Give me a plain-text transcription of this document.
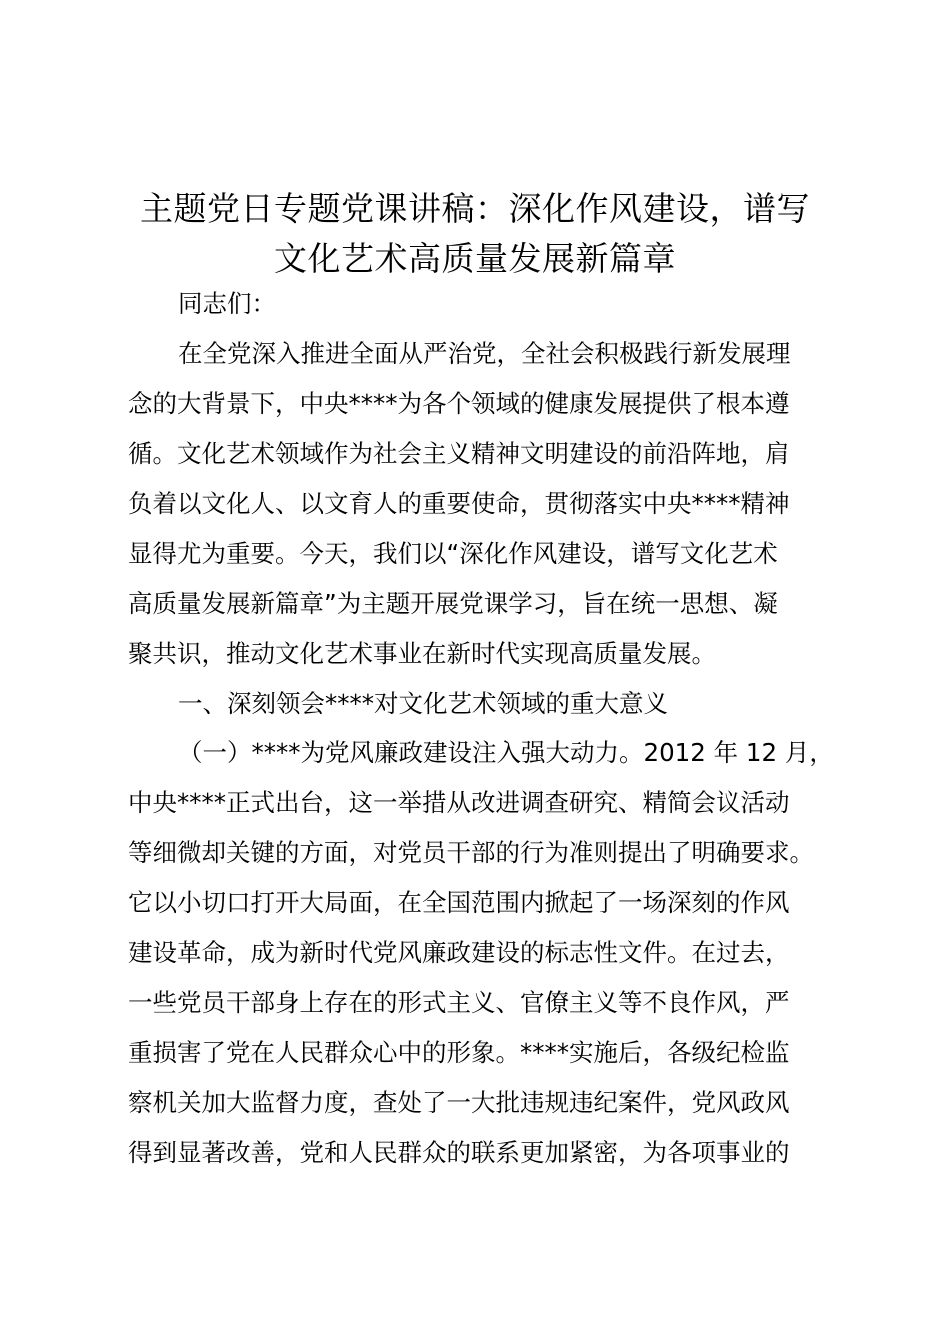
主题党日专题党课讲稿：深化作风建设，谱写
文化艺术高质量发展新篇章
同志们：
在全党深入推进全面从严治党，全社会积极践行新发展理
念的大背景下，中央****为各个领域的健康发展提供了根本遵
循。文化艺术领域作为社会主义精神文明建设的前沿阵地，肩
负着以文化人、以文育人的重要使命，贯彻落实中央****精神
显得尤为重要。今天，我们以“深化作风建设，谱写文化艺术
高质量发展新篇章”为主题开展党课学习，旨在统一思想、凝
聚共识，推动文化艺术事业在新时代实现高质量发展。
一、深刻领会****对文化艺术领域的重大意义
（一）****为党风廉政建设注入强大动力。2012 年 12 月，
中央****正式出台，这一举措从改进调查研究、精简会议活动
等细微却关键的方面，对党员干部的行为准则提出了明确要求。
它以小切口打开大局面，在全国范围内掀起了一场深刻的作风
建设革命，成为新时代党风廉政建设的标志性文件。在过去，
一些党员干部身上存在的形式主义、官僚主义等不良作风，严
重损害了党在人民群众心中的形象。****实施后，各级纪检监
察机关加大监督力度，查处了一大批违规违纪案件，党风政风
得到显著改善，党和人民群众的联系更加紧密，为各项事业的
